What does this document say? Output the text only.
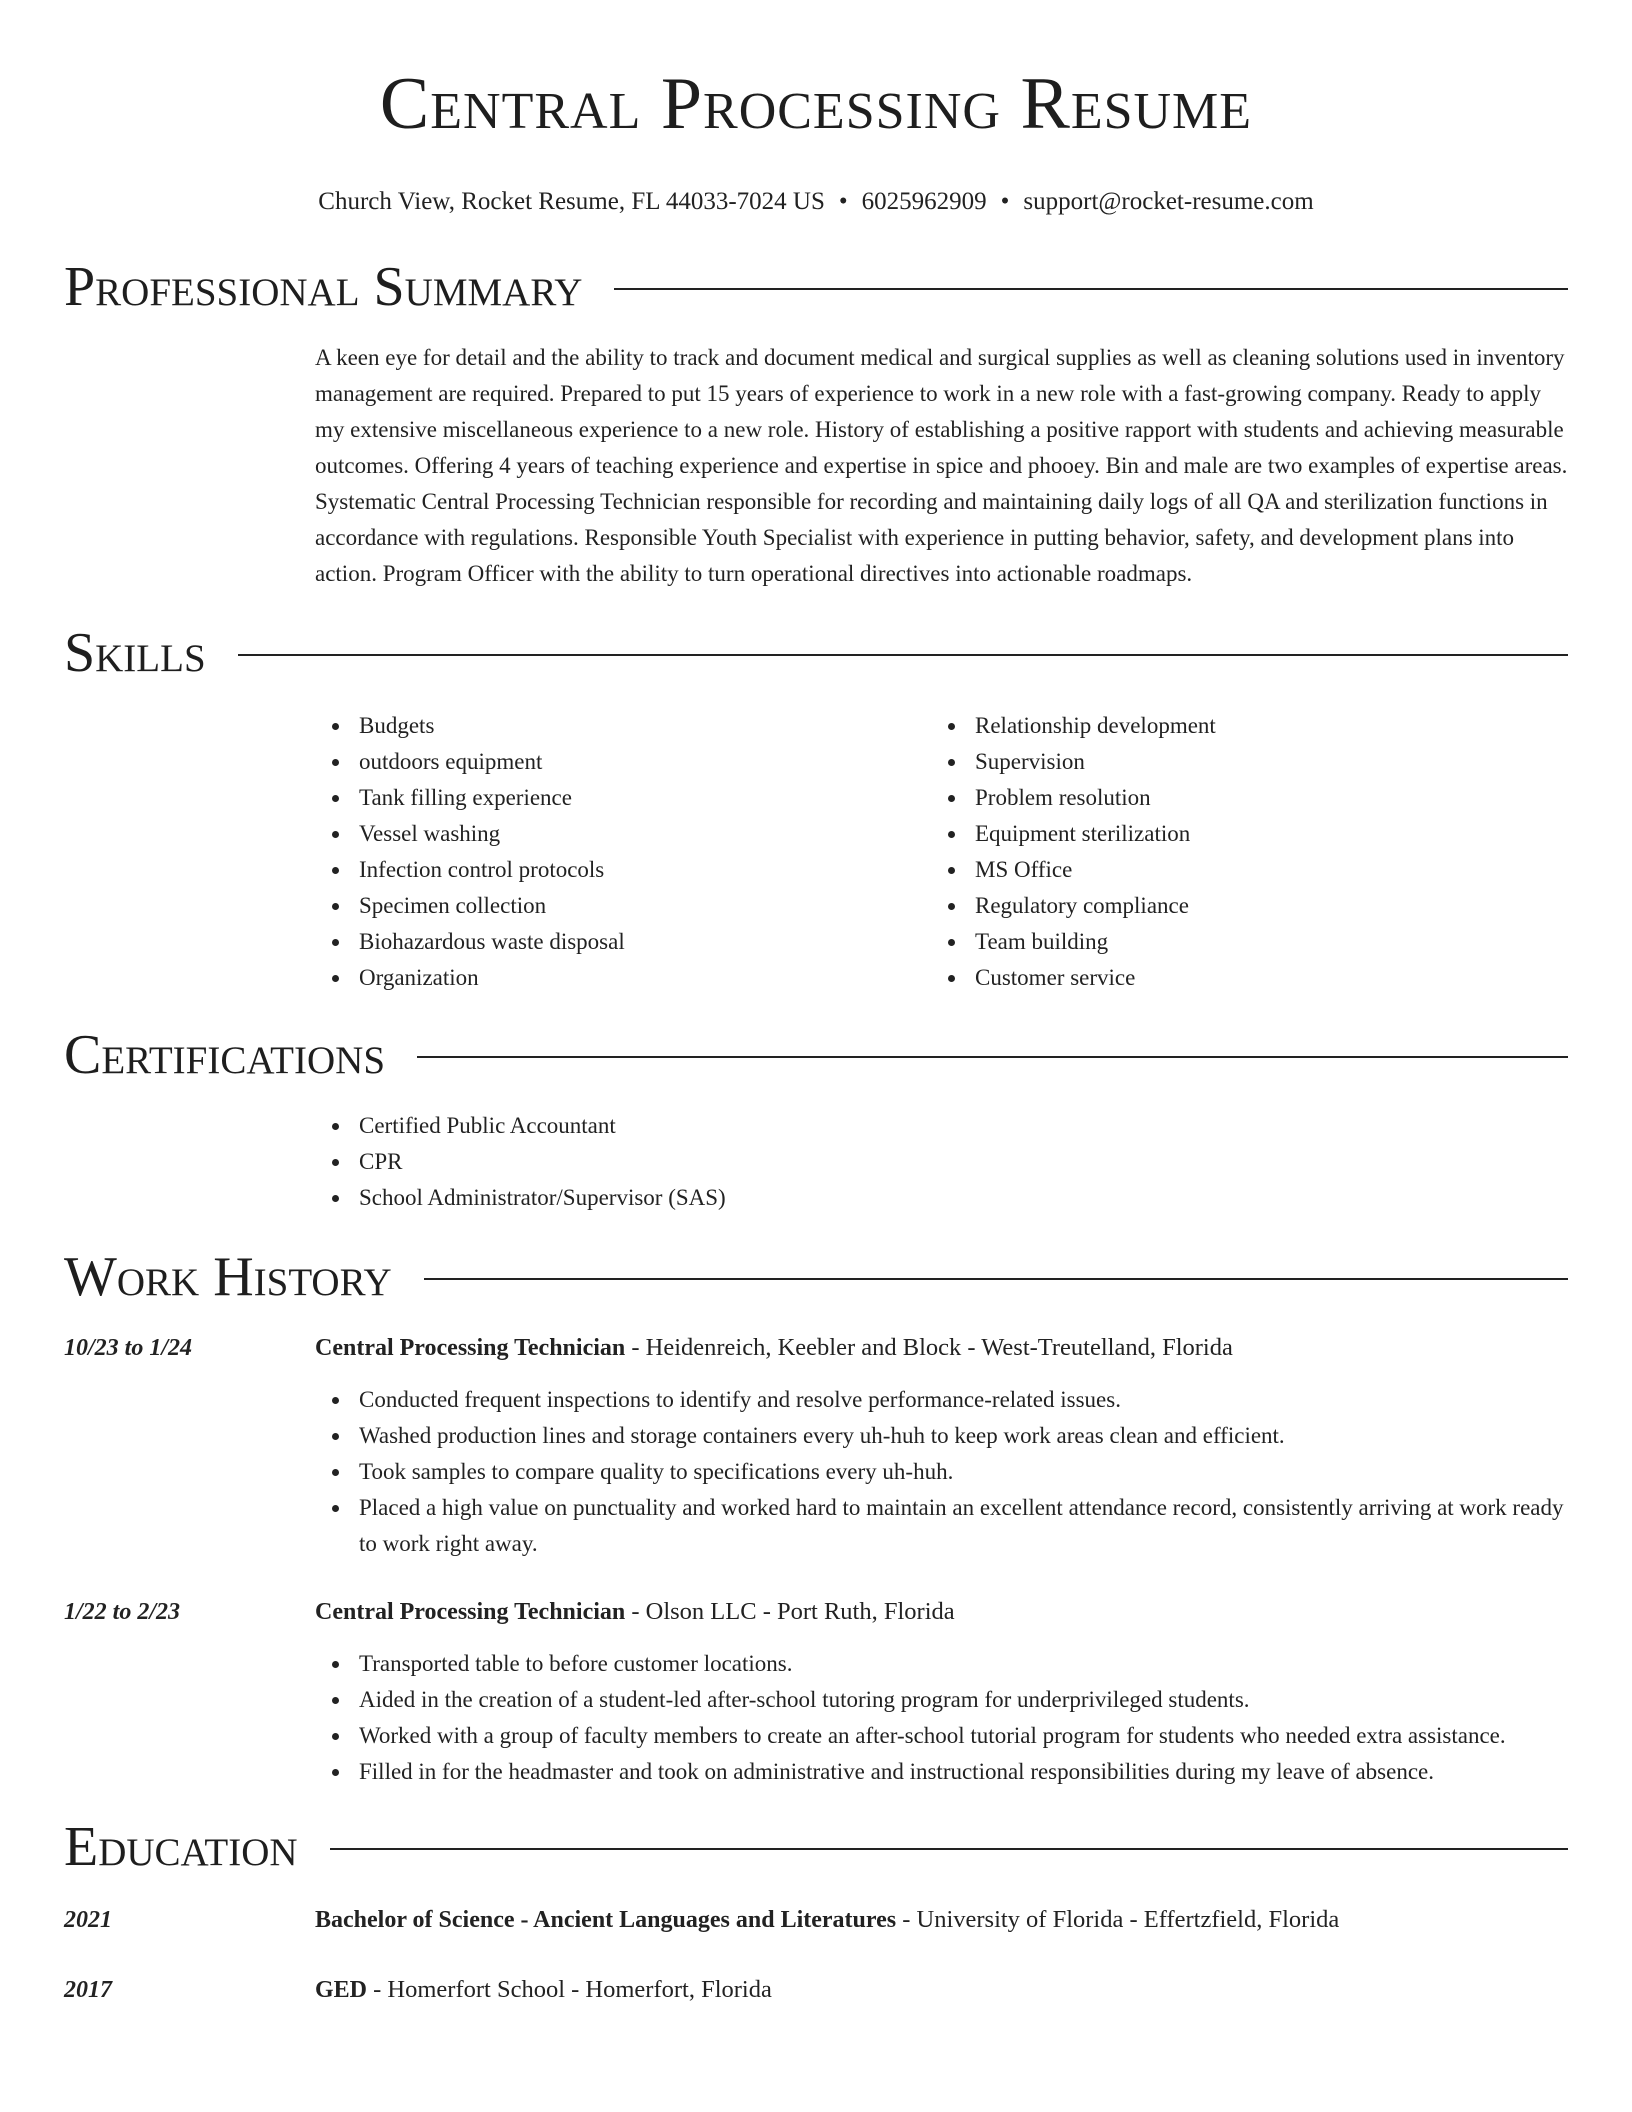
Central Processing Resume
Church View, Rocket Resume, FL 44033-7024 US • 6025962909 • support@rocket-resume.com
Professional Summary
A keen eye for detail and the ability to track and document medical and surgical supplies as well as cleaning solutions used in inventory management are required. Prepared to put 15 years of experience to work in a new role with a fast-growing company. Ready to apply my extensive miscellaneous experience to a new role. History of establishing a positive rapport with students and achieving measurable outcomes. Offering 4 years of teaching experience and expertise in spice and phooey. Bin and male are two examples of expertise areas. Systematic Central Processing Technician responsible for recording and maintaining daily logs of all QA and sterilization functions in accordance with regulations. Responsible Youth Specialist with experience in putting behavior, safety, and development plans into action. Program Officer with the ability to turn operational directives into actionable roadmaps.
Skills
Budgets
outdoors equipment
Tank filling experience
Vessel washing
Infection control protocols
Specimen collection
Biohazardous waste disposal
Organization
Relationship development
Supervision
Problem resolution
Equipment sterilization
MS Office
Regulatory compliance
Team building
Customer service
Certifications
Certified Public Accountant
CPR
School Administrator/Supervisor (SAS)
Work History
10/23 to 1/24	Central Processing Technician - Heidenreich, Keebler and Block - West-Treutelland, Florida
Conducted frequent inspections to identify and resolve performance-related issues.
Washed production lines and storage containers every uh-huh to keep work areas clean and efficient.
Took samples to compare quality to specifications every uh-huh.
Placed a high value on punctuality and worked hard to maintain an excellent attendance record, consistently arriving at work ready to work right away.
1/22 to 2/23	Central Processing Technician - Olson LLC - Port Ruth, Florida
Transported table to before customer locations.
Aided in the creation of a student-led after-school tutoring program for underprivileged students.
Worked with a group of faculty members to create an after-school tutorial program for students who needed extra assistance.
Filled in for the headmaster and took on administrative and instructional responsibilities during my leave of absence.
Education
2021	Bachelor of Science - Ancient Languages and Literatures - University of Florida - Effertzfield, Florida
2017	GED - Homerfort School - Homerfort, Florida
